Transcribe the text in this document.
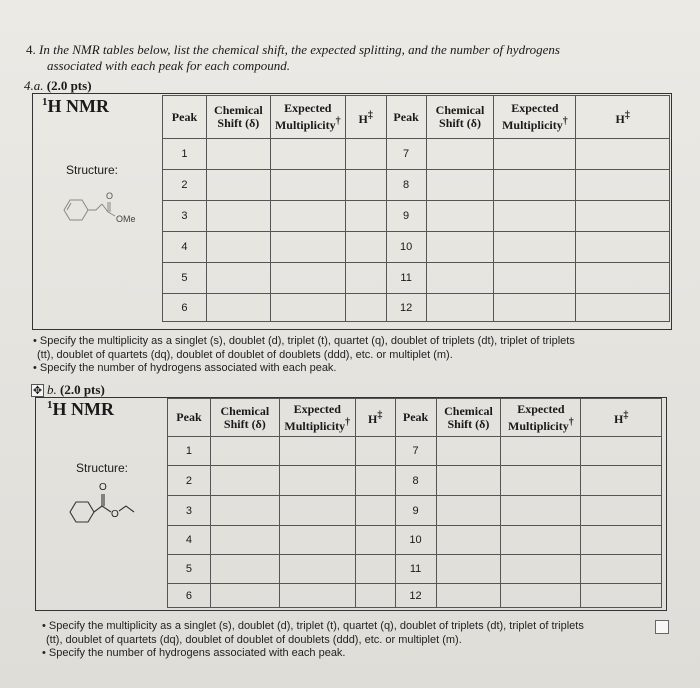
4. In the NMR tables below, list the chemical shift, the expected splitting, and the number of hydrogens
associated with each peak for each compound.
4.a. (2.0 pts)
$^1$H NMR
Structure:
O
OMe
Peak	Chemical Shift (δ)	Expected Multiplicity†	H‡	Peak	Chemical Shift (δ)	Expected Multiplicity†	H‡
1				7			
2				8			
3				9			
4				10			
5				11			
6				12			
• Specify the multiplicity as a singlet (s), doublet (d), triplet (t), quartet (q), doublet of triplets (dt), triplet of triplets
(tt), doublet of quartets (dq), doublet of doublet of doublets (ddd), etc. or multiplet (m).
• Specify the number of hydrogens associated with each peak.
✥ b. (2.0 pts)
$^1$H NMR
Structure:
O
O
Peak	Chemical Shift (δ)	Expected Multiplicity†	H‡	Peak	Chemical Shift (δ)	Expected Multiplicity†	H‡
1				7			
2				8			
3				9			
4				10			
5				11			
6				12			
• Specify the multiplicity as a singlet (s), doublet (d), triplet (t), quartet (q), doublet of triplets (dt), triplet of triplets
(tt), doublet of quartets (dq), doublet of doublet of doublets (ddd), etc. or multiplet (m).
• Specify the number of hydrogens associated with each peak.
